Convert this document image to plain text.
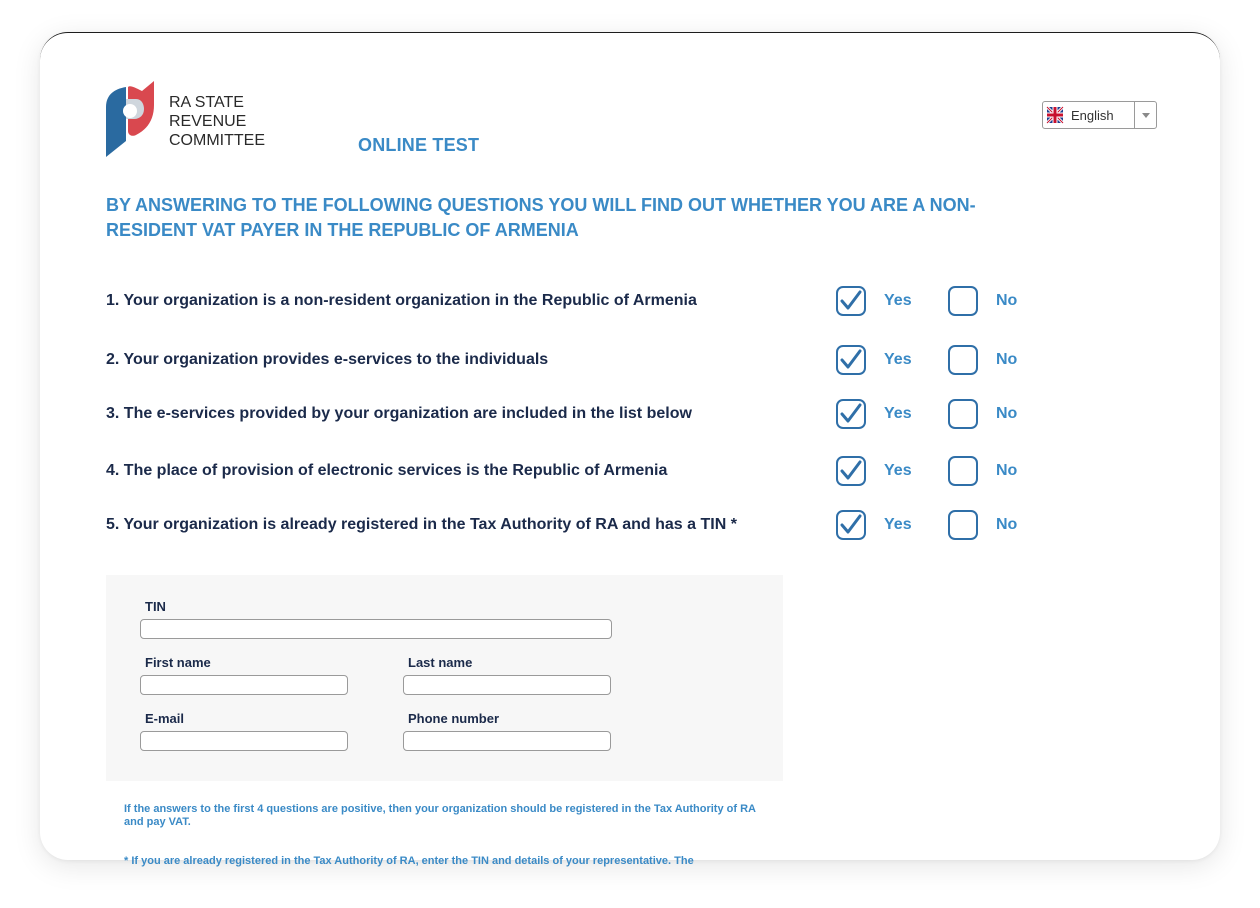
RA STATE
REVENUE
COMMITTEE	ONLINE TEST
English
BY ANSWERING TO THE FOLLOWING QUESTIONS YOU WILL FIND OUT WHETHER YOU ARE A NON-RESIDENT VAT PAYER IN THE REPUBLIC OF ARMENIA
1. Your organization is a non-resident organization in the Republic of Armenia	Yes	No
2. Your organization provides e-services to the individuals	Yes	No
3. The e-services provided by your organization are included in the list below	Yes	No
4. The place of provision of electronic services is the Republic of Armenia	Yes	No
5. Your organization is already registered in the Tax Authority of RA and has a TIN *	Yes	No
TIN
First name	Last name
E-mail	Phone number
If the answers to the first 4 questions are positive, then your organization should be registered in the Tax Authority of RA and pay VAT.
* If you are already registered in the Tax Authority of RA, enter the TIN and details of your representative. The
